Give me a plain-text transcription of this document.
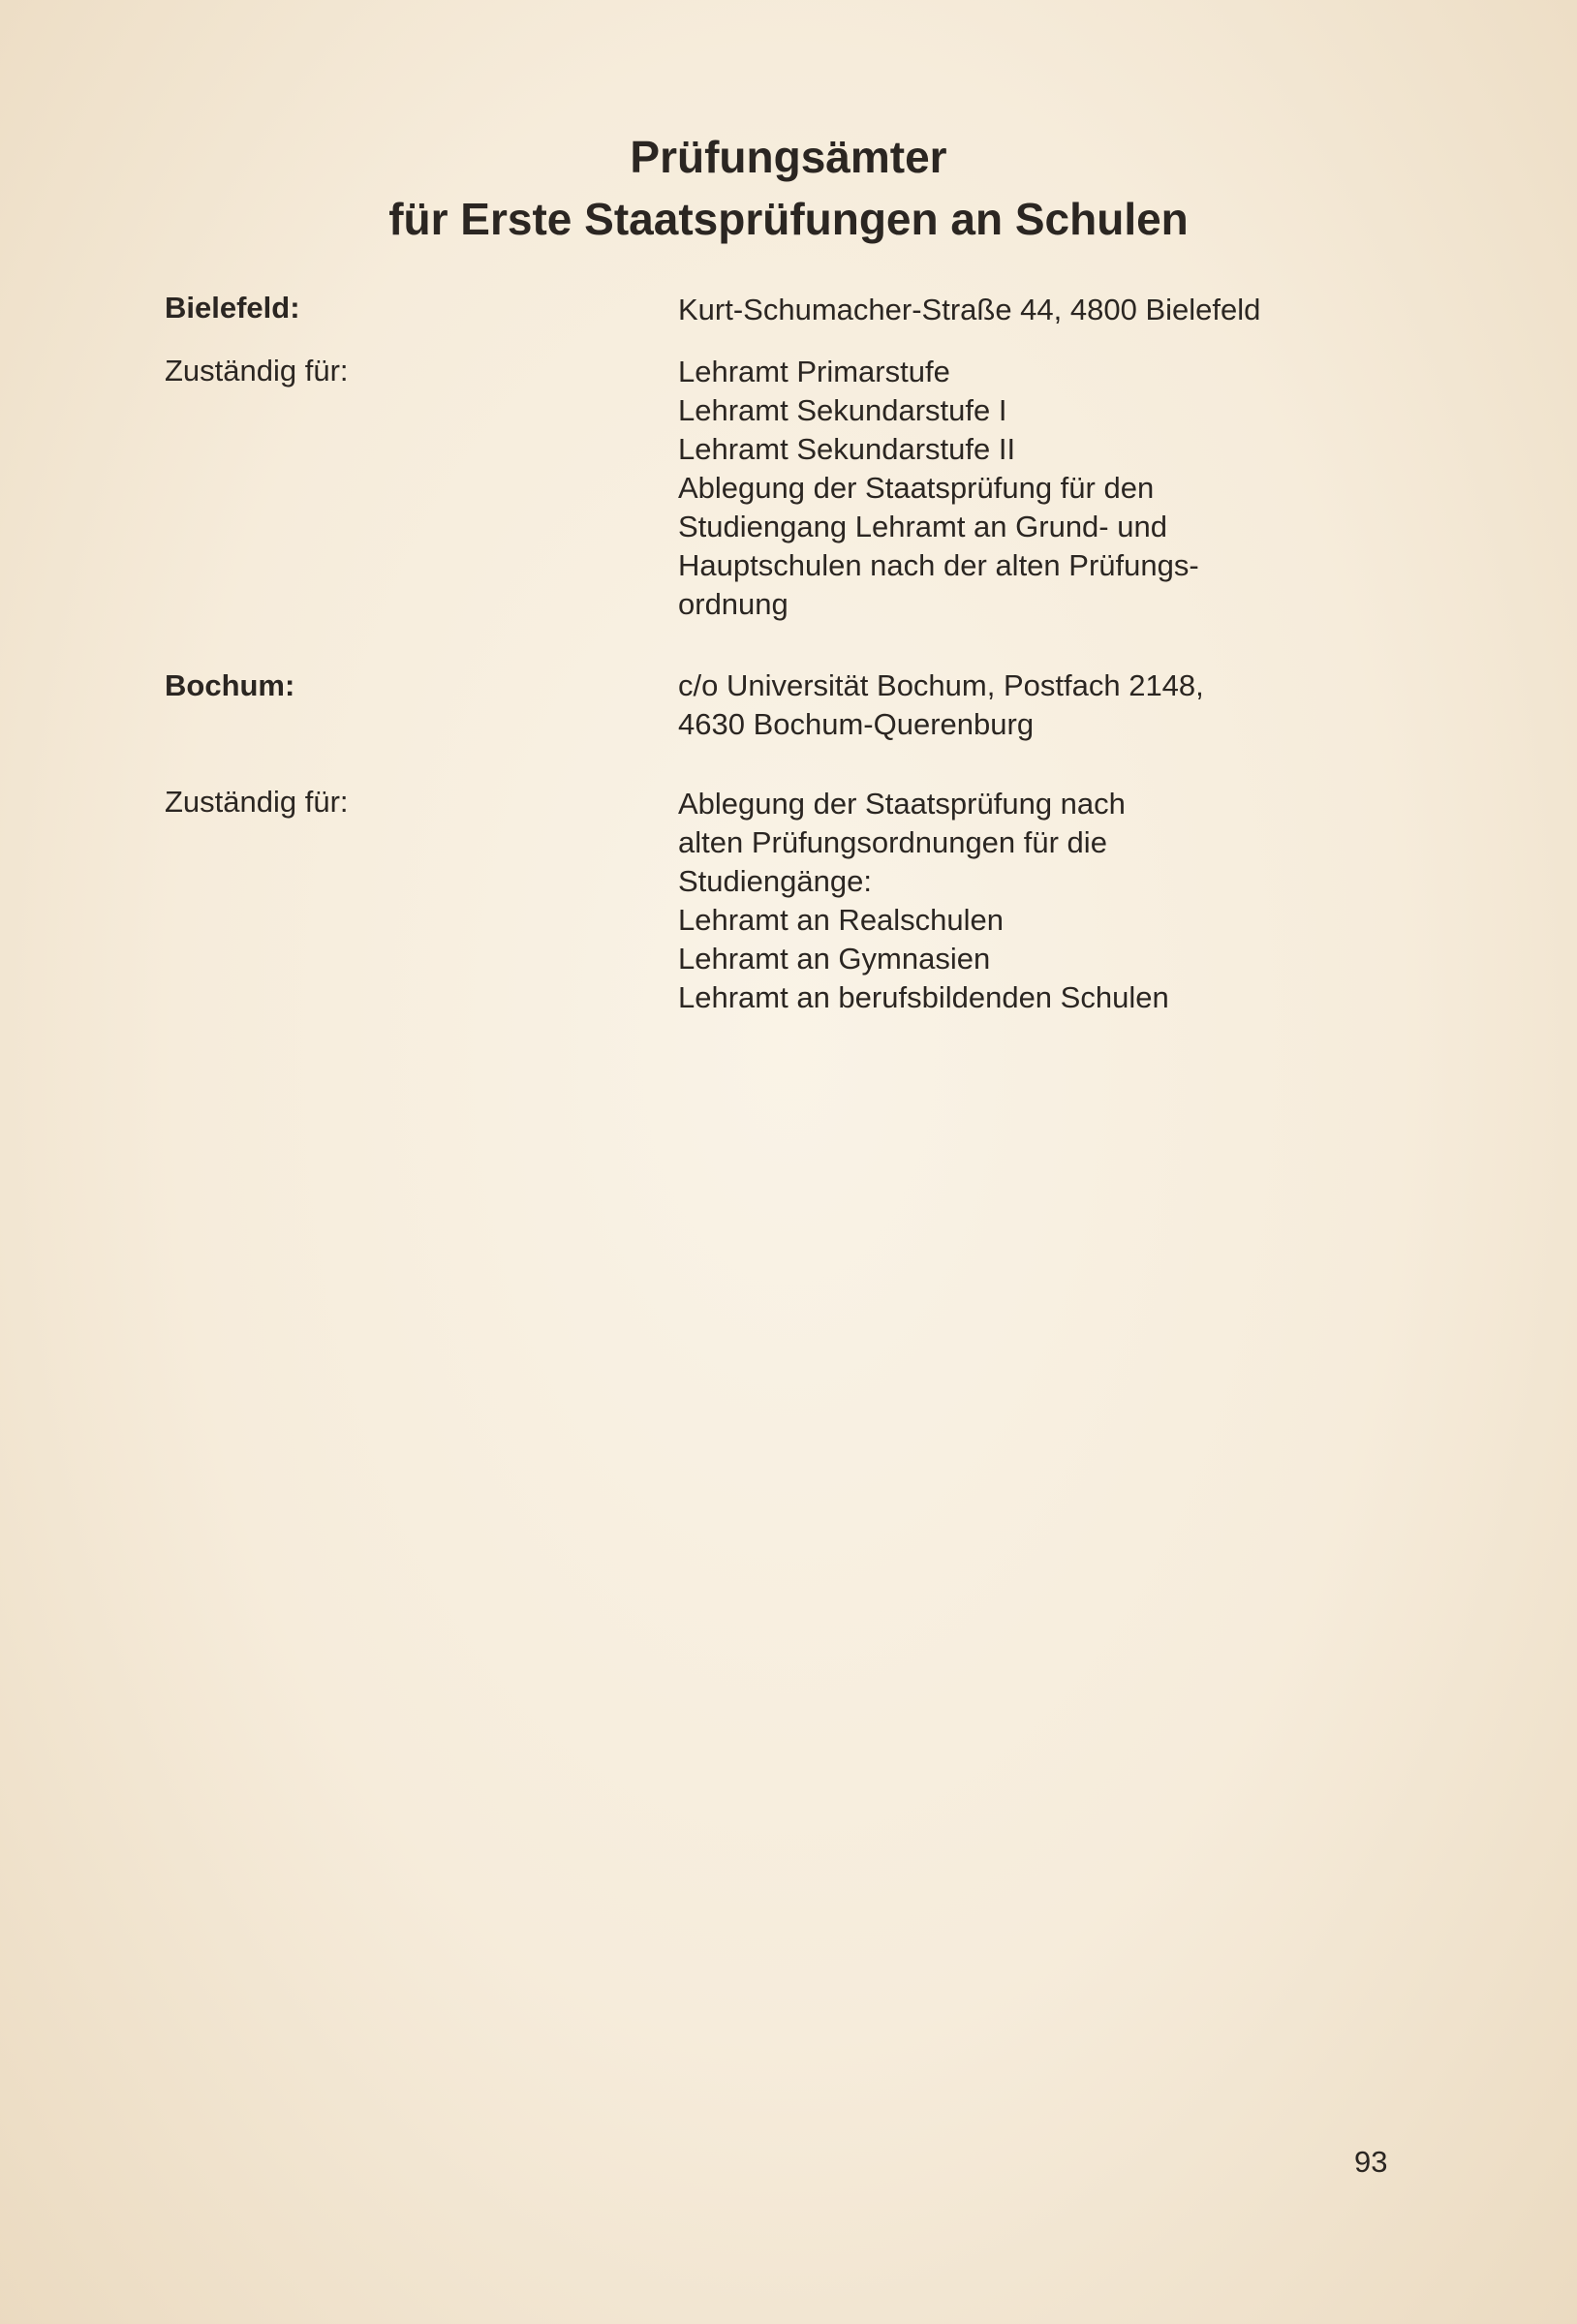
Prüfungsämter
für Erste Staatsprüfungen an Schulen
Bielefeld:	Kurt-Schumacher-Straße 44, 4800 Bielefeld
Zuständig für:	Lehramt Primarstufe
Lehramt Sekundarstufe I
Lehramt Sekundarstufe II
Ablegung der Staatsprüfung für den
Studiengang Lehramt an Grund- und
Hauptschulen nach der alten Prüfungs-
ordnung
Bochum:	c/o Universität Bochum, Postfach 2148,
4630 Bochum-Querenburg
Zuständig für:	Ablegung der Staatsprüfung nach
alten Prüfungsordnungen für die
Studiengänge:
Lehramt an Realschulen
Lehramt an Gymnasien
Lehramt an berufsbildenden Schulen
93
